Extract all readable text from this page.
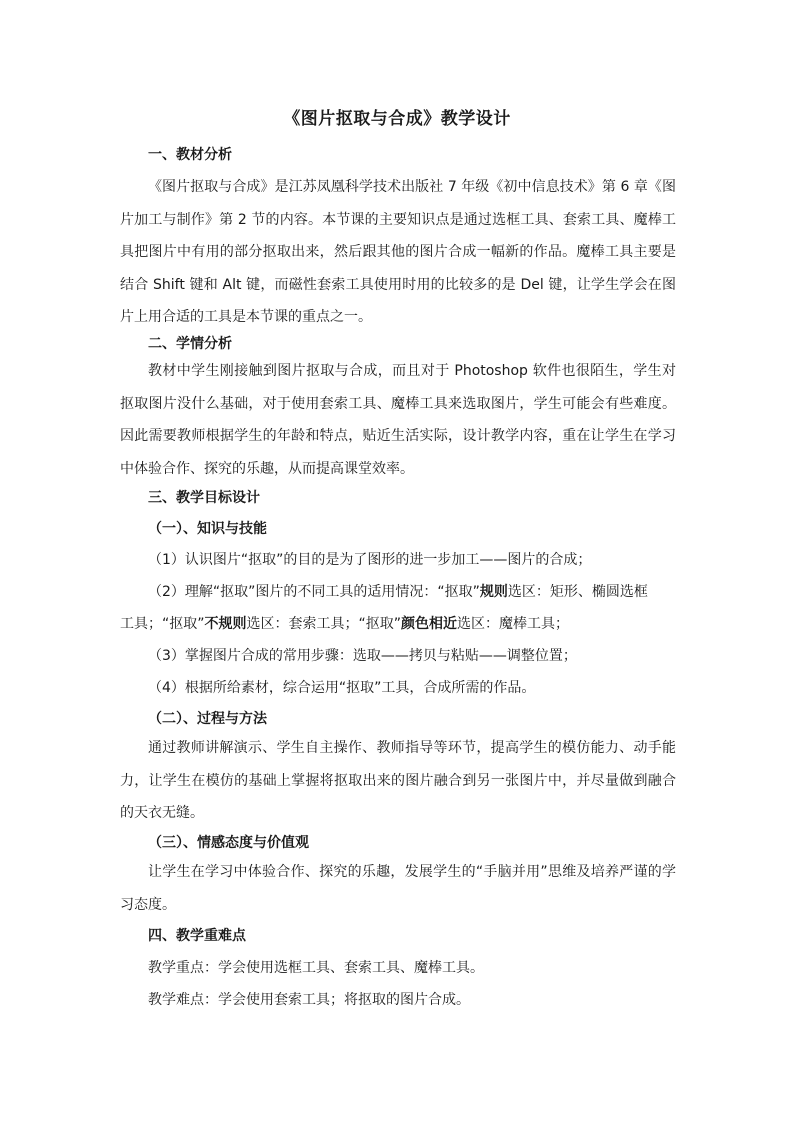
《图片抠取与合成》教学设计
一、教材分析

《图片抠取与合成》是江苏凤凰科学技术出版社 7 年级《初中信息技术》第 6 章《图片加工与制作》第 2 节的内容。本节课的主要知识点是通过选框工具、套索工具、魔棒工具把图片中有用的部分抠取出来，然后跟其他的图片合成一幅新的作品。魔棒工具主要是结合 Shift 键和 Alt 键，而磁性套索工具使用时用的比较多的是 Del 键，让学生学会在图片上用合适的工具是本节课的重点之一。

二、学情分析

教材中学生刚接触到图片抠取与合成，而且对于 Photoshop 软件也很陌生，学生对抠取图片没什么基础，对于使用套索工具、魔棒工具来选取图片，学生可能会有些难度。因此需要教师根据学生的年龄和特点，贴近生活实际，设计教学内容，重在让学生在学习中体验合作、探究的乐趣，从而提高课堂效率。

三、教学目标设计
（一）、知识与技能
（1）认识图片“抠取”的目的是为了图形的进一步加工——图片的合成；
（2）理解“抠取”图片的不同工具的适用情况：“抠取”规则选区：矩形、椭圆选框
工具；“抠取”不规则选区：套索工具；“抠取”颜色相近选区：魔棒工具；
（3）掌握图片合成的常用步骤：选取——拷贝与粘贴——调整位置；
（4）根据所给素材，综合运用“抠取”工具，合成所需的作品。
（二）、过程与方法

通过教师讲解演示、学生自主操作、教师指导等环节，提高学生的模仿能力、动手能力，让学生在模仿的基础上掌握将抠取出来的图片融合到另一张图片中，并尽量做到融合的天衣无缝。

（三）、情感态度与价值观

让学生在学习中体验合作、探究的乐趣，发展学生的“手脑并用”思维及培养严谨的学习态度。

四、教学重难点
教学重点：学会使用选框工具、套索工具、魔棒工具。
教学难点：学会使用套索工具；将抠取的图片合成。
